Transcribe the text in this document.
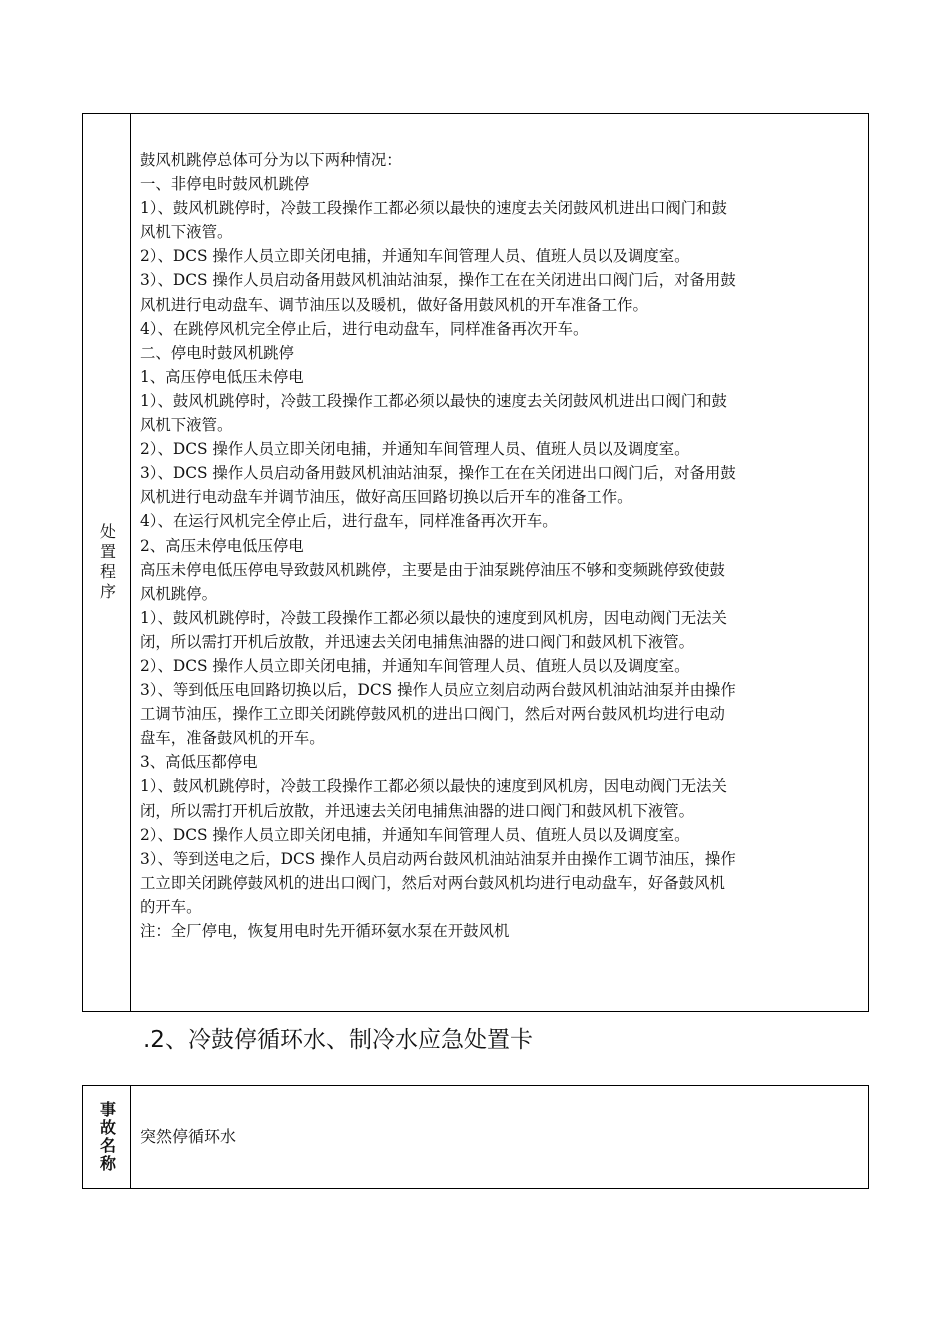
处置程序
鼓风机跳停总体可分为以下两种情况：
一、非停电时鼓风机跳停
1）、鼓风机跳停时，冷鼓工段操作工都必须以最快的速度去关闭鼓风机进出口阀门和鼓
风机下液管。
2）、DCS 操作人员立即关闭电捕，并通知车间管理人员、值班人员以及调度室。
3）、DCS 操作人员启动备用鼓风机油站油泵，操作工在在关闭进出口阀门后，对备用鼓
风机进行电动盘车、调节油压以及暖机，做好备用鼓风机的开车准备工作。
4）、在跳停风机完全停止后，进行电动盘车，同样准备再次开车。
二、停电时鼓风机跳停
1、高压停电低压未停电
1）、鼓风机跳停时，冷鼓工段操作工都必须以最快的速度去关闭鼓风机进出口阀门和鼓
风机下液管。
2）、DCS 操作人员立即关闭电捕，并通知车间管理人员、值班人员以及调度室。
3）、DCS 操作人员启动备用鼓风机油站油泵，操作工在在关闭进出口阀门后，对备用鼓
风机进行电动盘车并调节油压，做好高压回路切换以后开车的准备工作。
4）、在运行风机完全停止后，进行盘车，同样准备再次开车。
2、高压未停电低压停电
高压未停电低压停电导致鼓风机跳停，主要是由于油泵跳停油压不够和变频跳停致使鼓
风机跳停。
1）、鼓风机跳停时，冷鼓工段操作工都必须以最快的速度到风机房，因电动阀门无法关
闭，所以需打开机后放散，并迅速去关闭电捕焦油器的进口阀门和鼓风机下液管。
2）、DCS 操作人员立即关闭电捕，并通知车间管理人员、值班人员以及调度室。
3）、等到低压电回路切换以后，DCS 操作人员应立刻启动两台鼓风机油站油泵并由操作
工调节油压，操作工立即关闭跳停鼓风机的进出口阀门，然后对两台鼓风机均进行电动
盘车，准备鼓风机的开车。
3、高低压都停电
1）、鼓风机跳停时，冷鼓工段操作工都必须以最快的速度到风机房，因电动阀门无法关
闭，所以需打开机后放散，并迅速去关闭电捕焦油器的进口阀门和鼓风机下液管。
2）、DCS 操作人员立即关闭电捕，并通知车间管理人员、值班人员以及调度室。
3）、等到送电之后，DCS 操作人员启动两台鼓风机油站油泵并由操作工调节油压，操作
工立即关闭跳停鼓风机的进出口阀门，然后对两台鼓风机均进行电动盘车，好备鼓风机
的开车。
注：全厂停电，恢复用电时先开循环氨水泵在开鼓风机
.2、冷鼓停循环水、制冷水应急处置卡
事故名称 突然停循环水
